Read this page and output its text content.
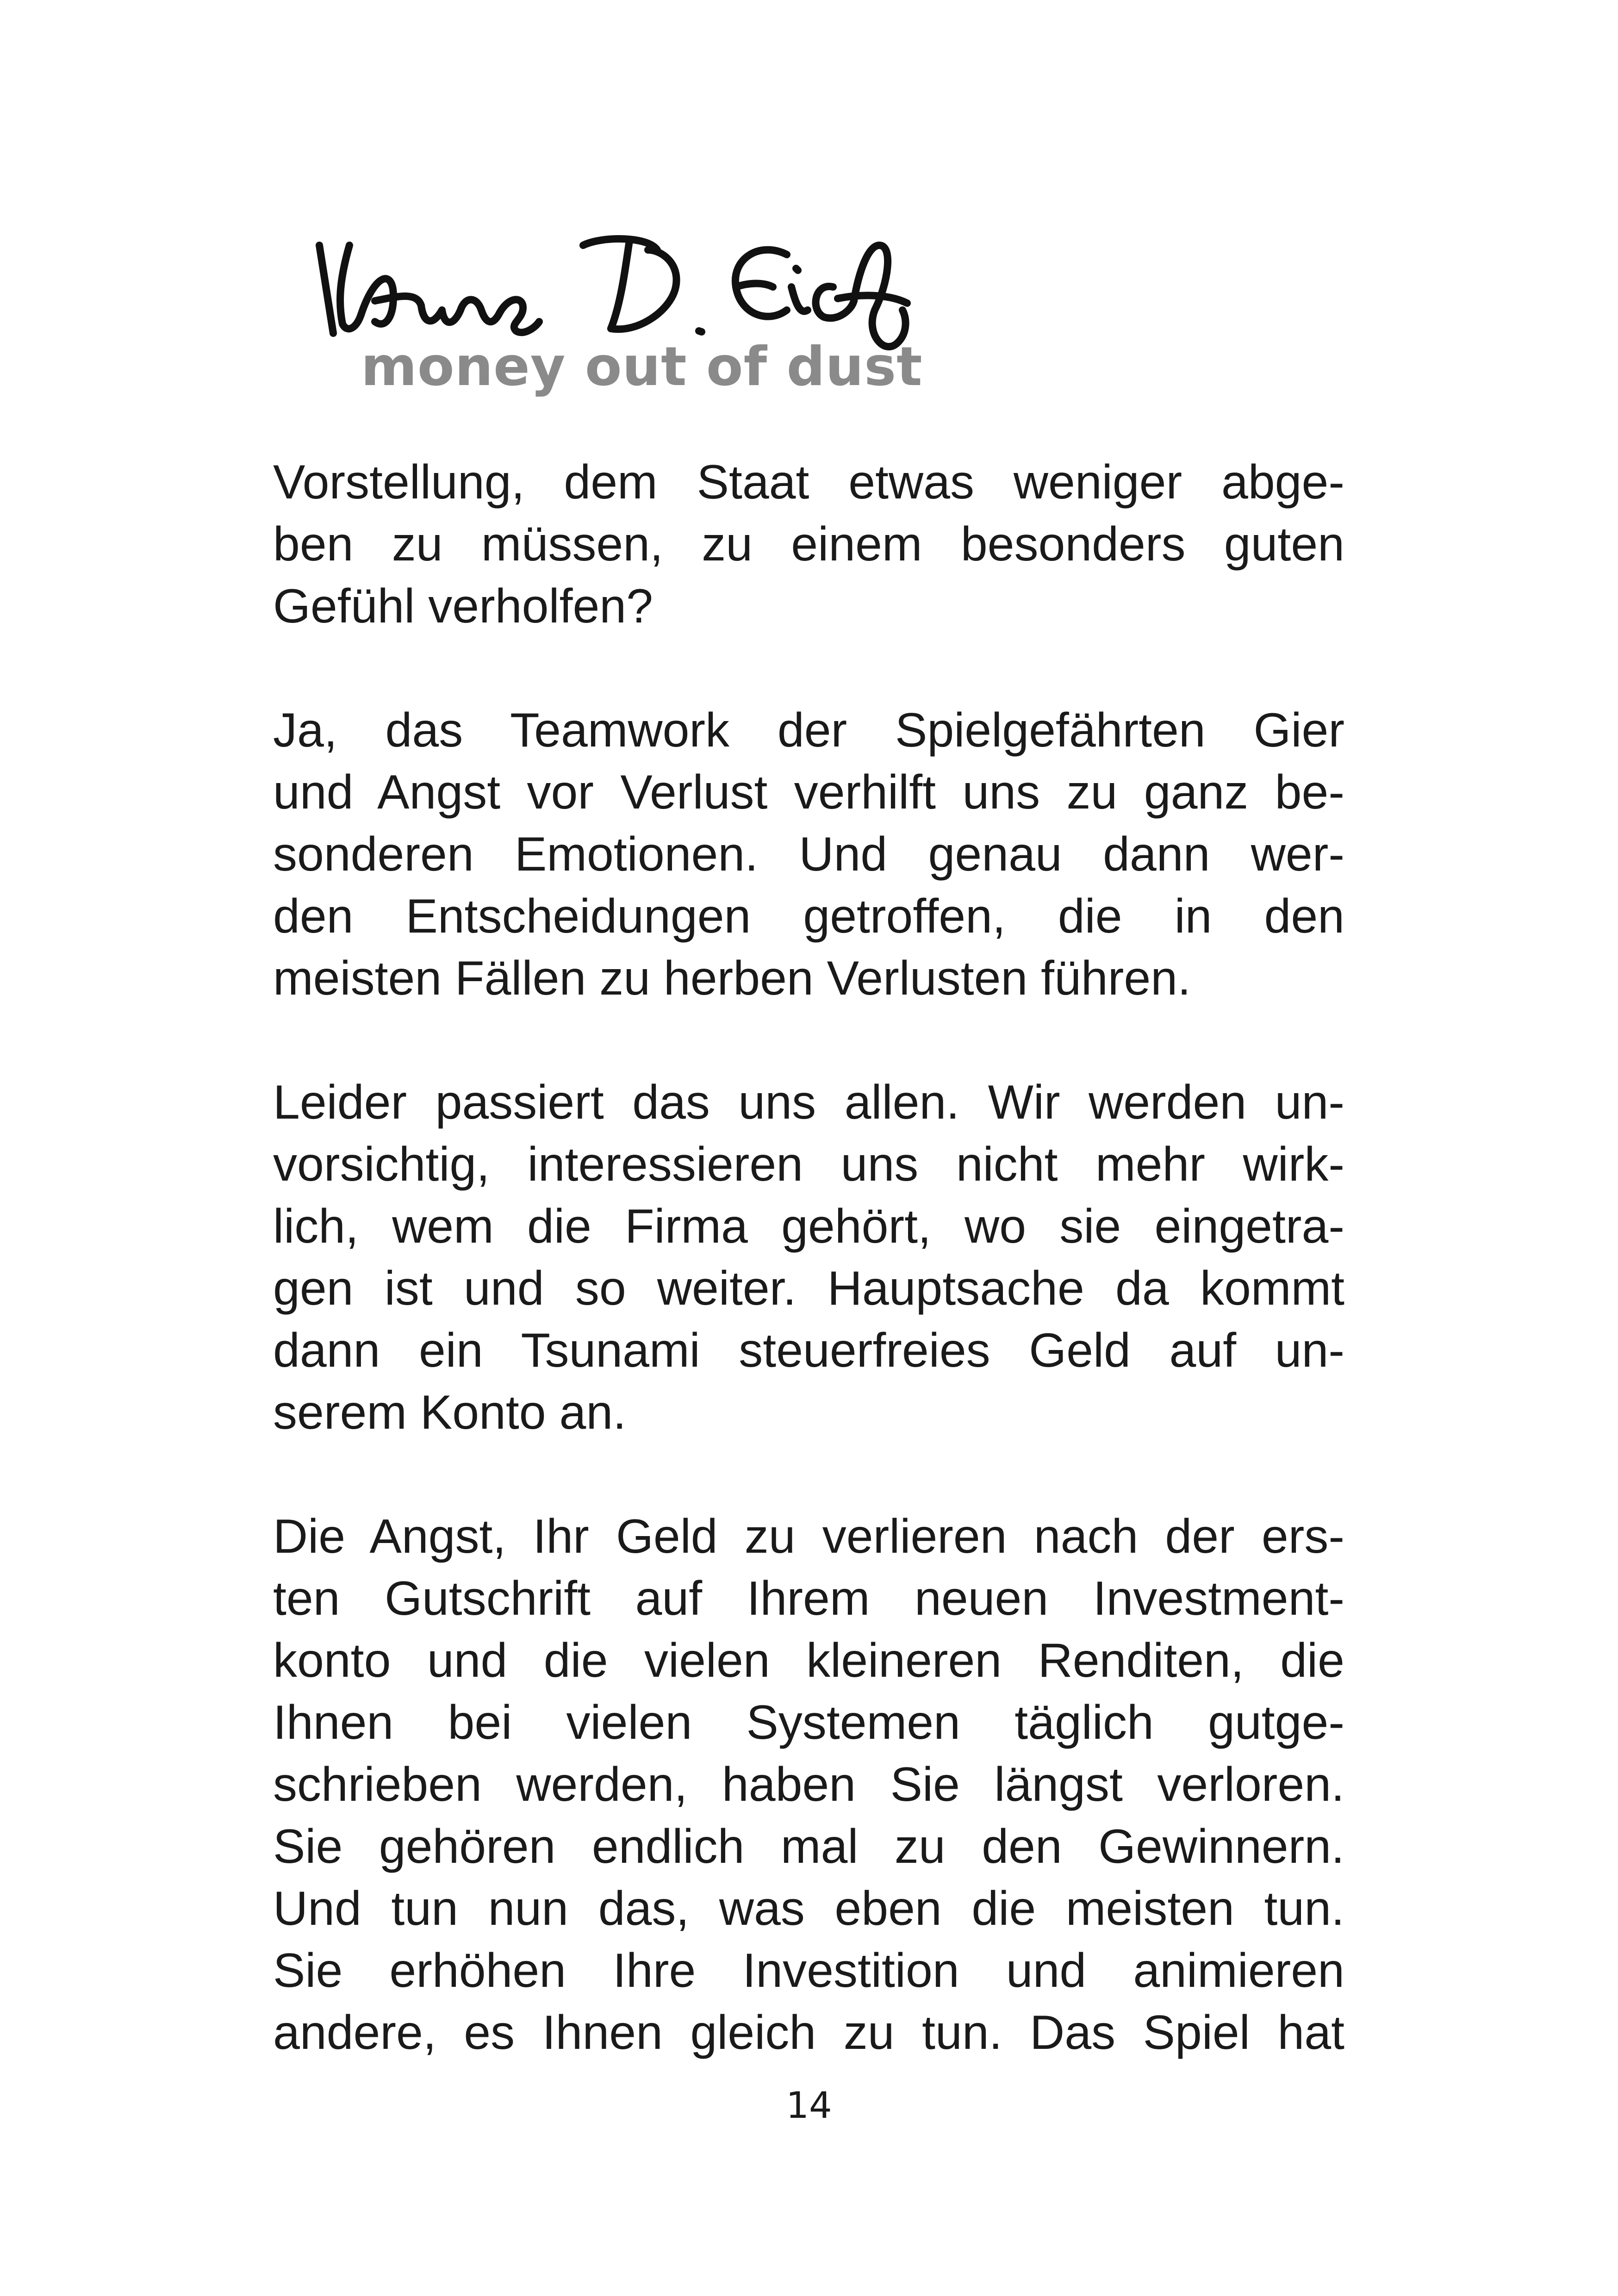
money out of dust

Vorstellung, dem Staat etwas weniger abge-
ben zu müssen, zu einem besonders guten
Gefühl verholfen?

Ja, das Teamwork der Spielgefährten Gier
und Angst vor Verlust verhilft uns zu ganz be-
sonderen Emotionen. Und genau dann wer-
den Entscheidungen getroffen, die in den
meisten Fällen zu herben Verlusten führen.

Leider passiert das uns allen. Wir werden un-
vorsichtig, interessieren uns nicht mehr wirk-
lich, wem die Firma gehört, wo sie eingetra-
gen ist und so weiter. Hauptsache da kommt
dann ein Tsunami steuerfreies Geld auf un-
serem Konto an.

Die Angst, Ihr Geld zu verlieren nach der ers-
ten Gutschrift auf Ihrem neuen Investment-
konto und die vielen kleineren Renditen, die
Ihnen bei vielen Systemen täglich gutge-
schrieben werden, haben Sie längst verloren.
Sie gehören endlich mal zu den Gewinnern.
Und tun nun das, was eben die meisten tun.
Sie erhöhen Ihre Investition und animieren
andere, es Ihnen gleich zu tun. Das Spiel hat

14
